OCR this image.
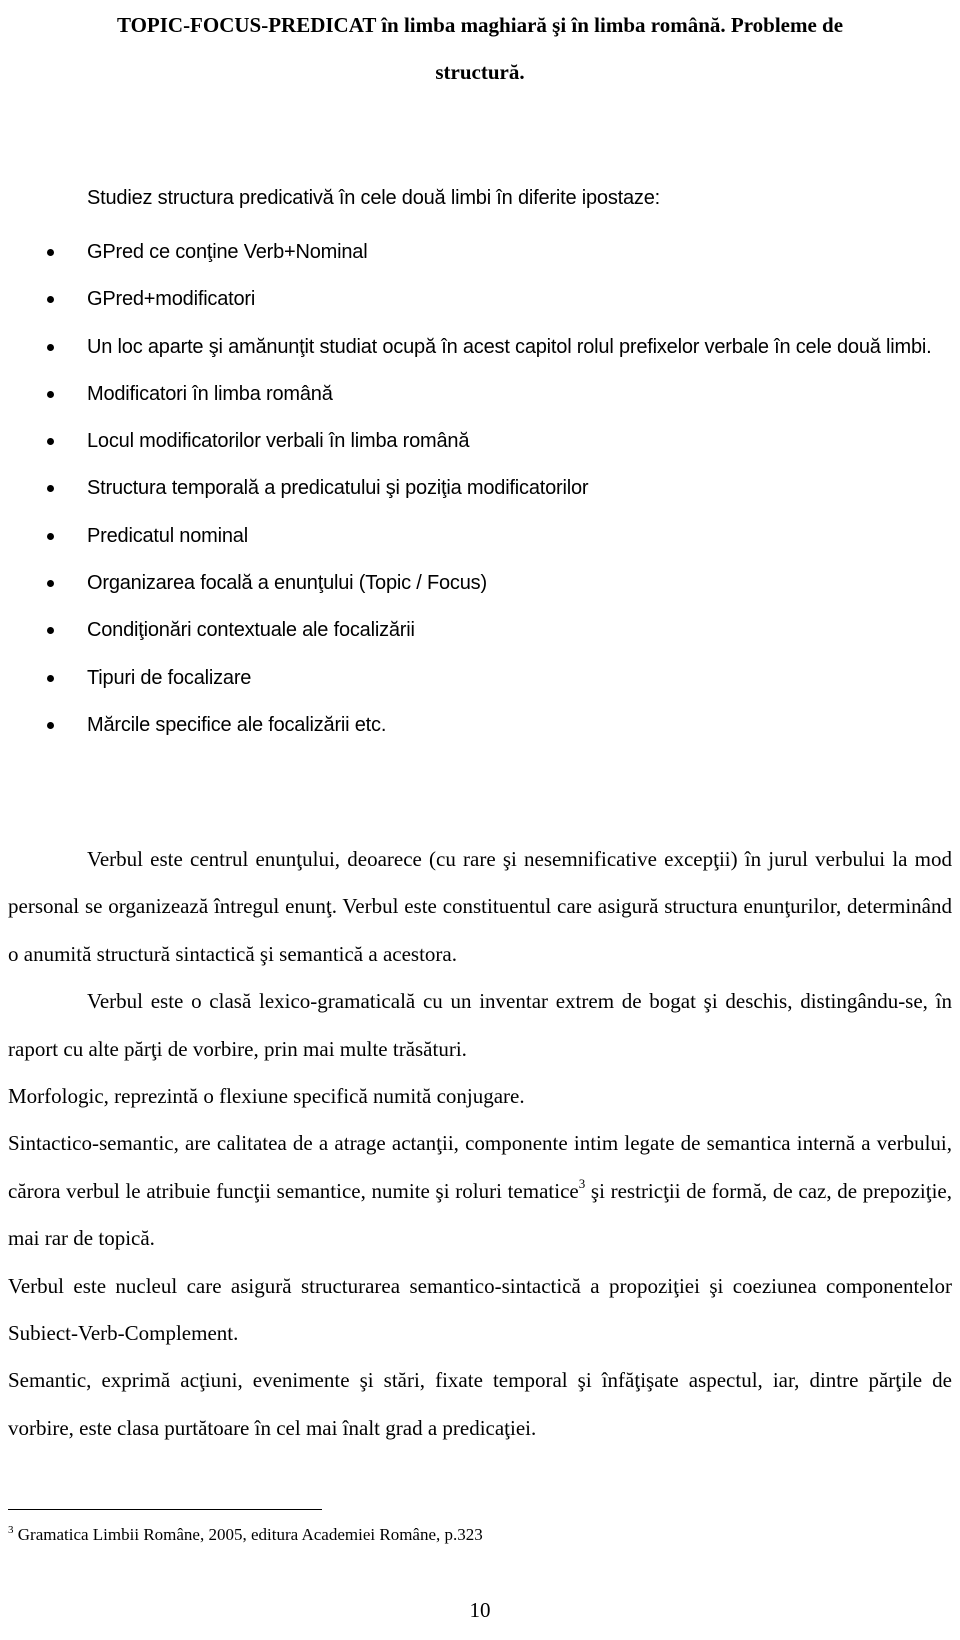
TOPIC-FOCUS-PREDICAT în limba maghiară şi în limba română. Probleme de
structură.

Studiez structura predicativă în cele două limbi în diferite ipostaze:

GPred ce conţine Verb+Nominal
GPred+modificatori
Un loc aparte şi amănunţit studiat ocupă în acest capitol rolul prefixelor verbale în cele două limbi.
Modificatori în limba română
Locul modificatorilor verbali în limba română
Structura temporală a predicatului şi poziţia modificatorilor
Predicatul nominal
Organizarea focală a enunţului (Topic / Focus)
Condiţionări contextuale ale focalizării
Tipuri de focalizare
Mărcile specifice ale focalizării etc.

Verbul este centrul enunţului, deoarece (cu rare şi nesemnificative excepţii) în jurul verbului la mod personal se organizează întregul enunţ. Verbul este constituentul care asigură structura enunţurilor, determinând o anumită structură sintactică şi semantică a acestora.

Verbul este o clasă lexico-gramaticală cu un inventar extrem de bogat şi deschis, distingându-se, în raport cu alte părţi de vorbire, prin mai multe trăsături.

Morfologic, reprezintă o flexiune specifică numită conjugare.

Sintactico-semantic, are calitatea de a atrage actanţii, componente intim legate de semantica internă a verbului, cărora verbul le atribuie funcţii semantice, numite şi roluri tematice$^3$ şi restricţii de formă, de caz, de prepoziţie, mai rar de topică.

Verbul este nucleul care asigură structurarea semantico-sintactică a propoziţiei şi coeziunea componentelor Subiect-Verb-Complement.

Semantic, exprimă acţiuni, evenimente şi stări, fixate temporal şi înfăţişate aspectul, iar, dintre părţile de vorbire, este clasa purtătoare în cel mai înalt grad a predicaţiei.

$^3$ Gramatica Limbii Române, 2005, editura Academiei Române, p.323
10
